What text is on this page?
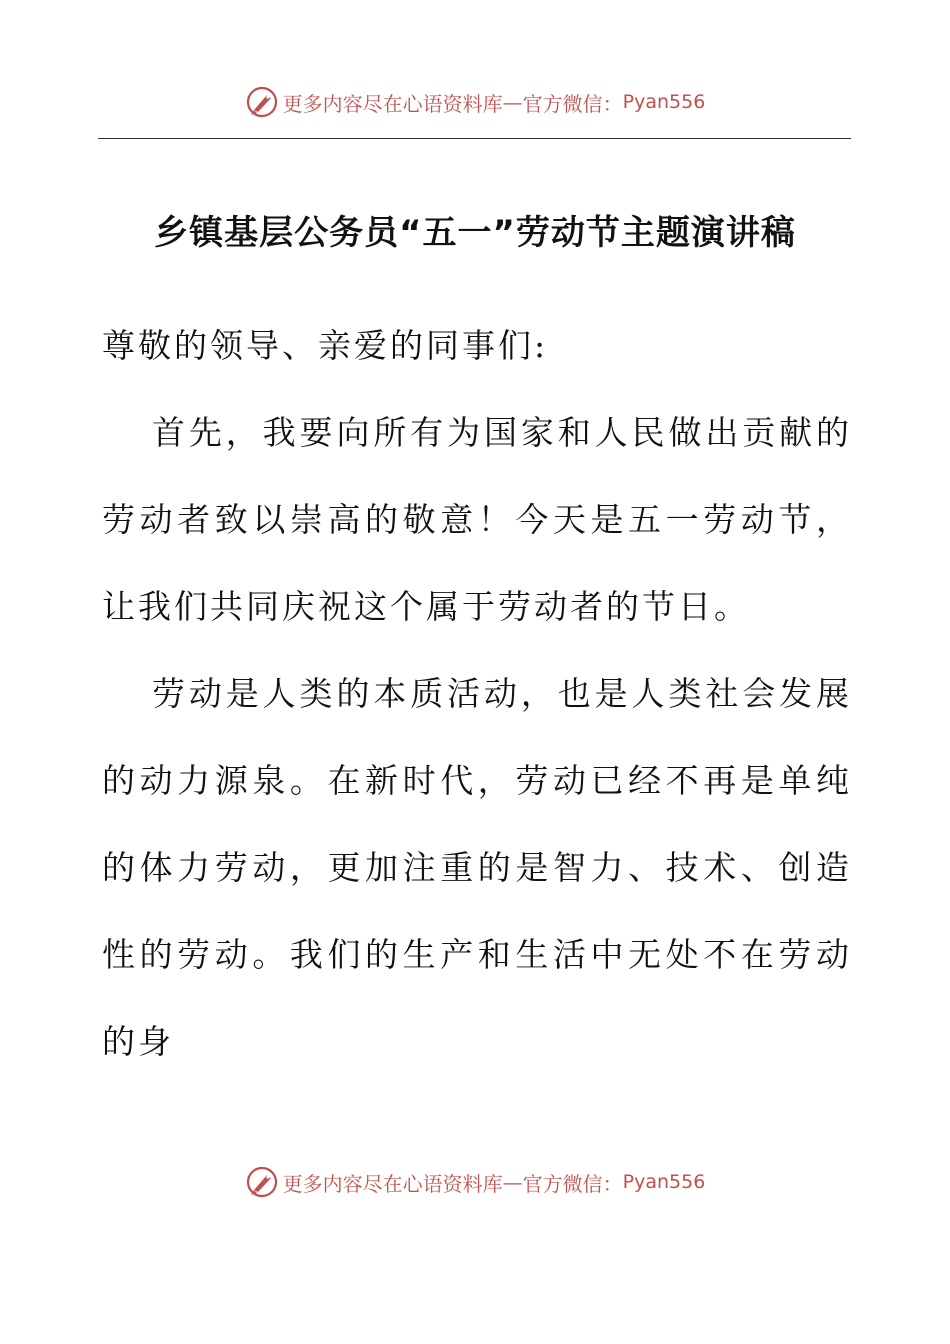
更多内容尽在心语资料库 — 官方微信： Pyan556
乡镇基层公务员“五一”劳动节主题演讲稿

尊敬的领导、亲爱的同事们:

首先，我要向所有为国家和人民做出贡献的劳动者致以崇高的敬意！今天是五一劳动节，让我们共同庆祝这个属于劳动者的节日。

劳动是人类的本质活动，也是人类社会发展的动力源泉。在新时代，劳动已经不再是单纯的体力劳动，更加注重的是智力、技术、创造性的劳动。我们的生产和生活中无处不在劳动的身

更多内容尽在心语资料库 — 官方微信： Pyan556
